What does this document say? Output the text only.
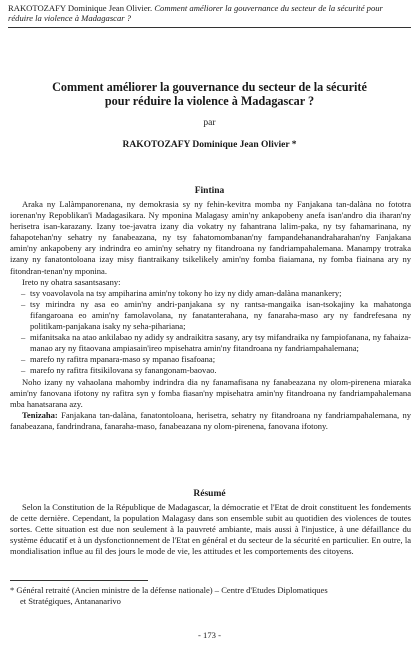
RAKOTOZAFY Dominique Jean Olivier. Comment améliorer la gouvernance du secteur de la sécurité pour réduire la violence à Madagascar ?
Comment améliorer la gouvernance du secteur de la sécurité
pour réduire la violence à Madagascar ?
par
RAKOTOZAFY Dominique Jean Olivier *
Fintina

Araka ny Lalàmpanorenana, ny demokrasia sy ny fehin-kevitra momba ny Fanjakana tan-dalàna no fototra iorenan'ny Repoblikan'i Madagasikara. Ny mponina Malagasy amin'ny ankapobeny anefa isan'andro dia iharan'ny herisetra isan-karazany. Izany toe-javatra izany dia vokatry ny fahantrana lalim-paka, ny tsy fahamarinana, ny fahapotehan'ny sehatry ny fanabeazana, ny tsy fahatomombanan'ny fampandehanandraharahan'ny Fanjakana amin'ny ankapobeny ary indrindra eo amin'ny sehatry ny fitandroana ny fandriampahalemana. Manampy trotraka izany ny fanatontoloana izay misy fiantraikany tsikelikely amin'ny fomba fiaiamana, ny fomba fiainana ary ny fitondran-tenan'ny mponina.

Ireto ny ohatra sasantsasany:

– tsy voavolavola na tsy ampiharina amin'ny tokony ho izy ny didy aman-dalàna manankery;
– tsy mirindra ny asa eo amin'ny andri-panjakana sy ny rantsa-mangaika isan-tsokajiny ka mahatonga fifangaroana eo amin'ny famolavolana, ny fanatanterahana, ny fanaraha-maso ary ny fandrefesana ny politikam-panjakana isaky ny seha-pihariana;
– mifanitsaka na atao ankilabao ny adidy sy andraikitra sasany, ary tsy mifandraika ny fampiofanana, ny fahaiza-manao ary ny fitaovana ampiasain'ireo mpisehatra amin'ny fitandroana ny fandriampahalemana;
– marefo ny rafitra mpanara-maso sy mpanao fisafoana;
– marefo ny rafitra fitsikilovana sy fanangonam-baovao.

Noho izany ny vahaolana mahomby indrindra dia ny fanamafisana ny fanabeazana ny olom-pirenena miaraka amin'ny fanovana ifotony ny rafitra syn y fomba fiasan'ny mpisehatra amin'ny fitandroana ny fandriampahalemana mba hanatsarana azy.

Tenizaha: Fanjakana tan-dalàna, fanatontoloana, herisetra, sehatry ny fitandroana ny fandriampahalemana, ny fanabeazana, fandrindrana, fanaraha-maso, fanabeazana ny olom-pirenena, fanovana ifotony.

Résumé

Selon la Constitution de la République de Madagascar, la démocratie et l'Etat de droit constituent les fondements de cette dernière. Cependant, la population Malagasy dans son ensemble subit au quotidien des violences de toutes sortes. Cette situation est due non seulement à la pauvreté ambiante, mais aussi à l'injustice, à une défaillance du système éducatif et à un dysfonctionnement de l'Etat en général et du secteur de la sécurité en particulier. En outre, la mondialisation influe au fil des jours le mode de vie, les attitudes et les comportements des citoyens.

* Général retraité (Ancien ministre de la défense nationale) – Centre d'Etudes Diplomatiques
et Stratégiques, Antananarivo
- 173 -
